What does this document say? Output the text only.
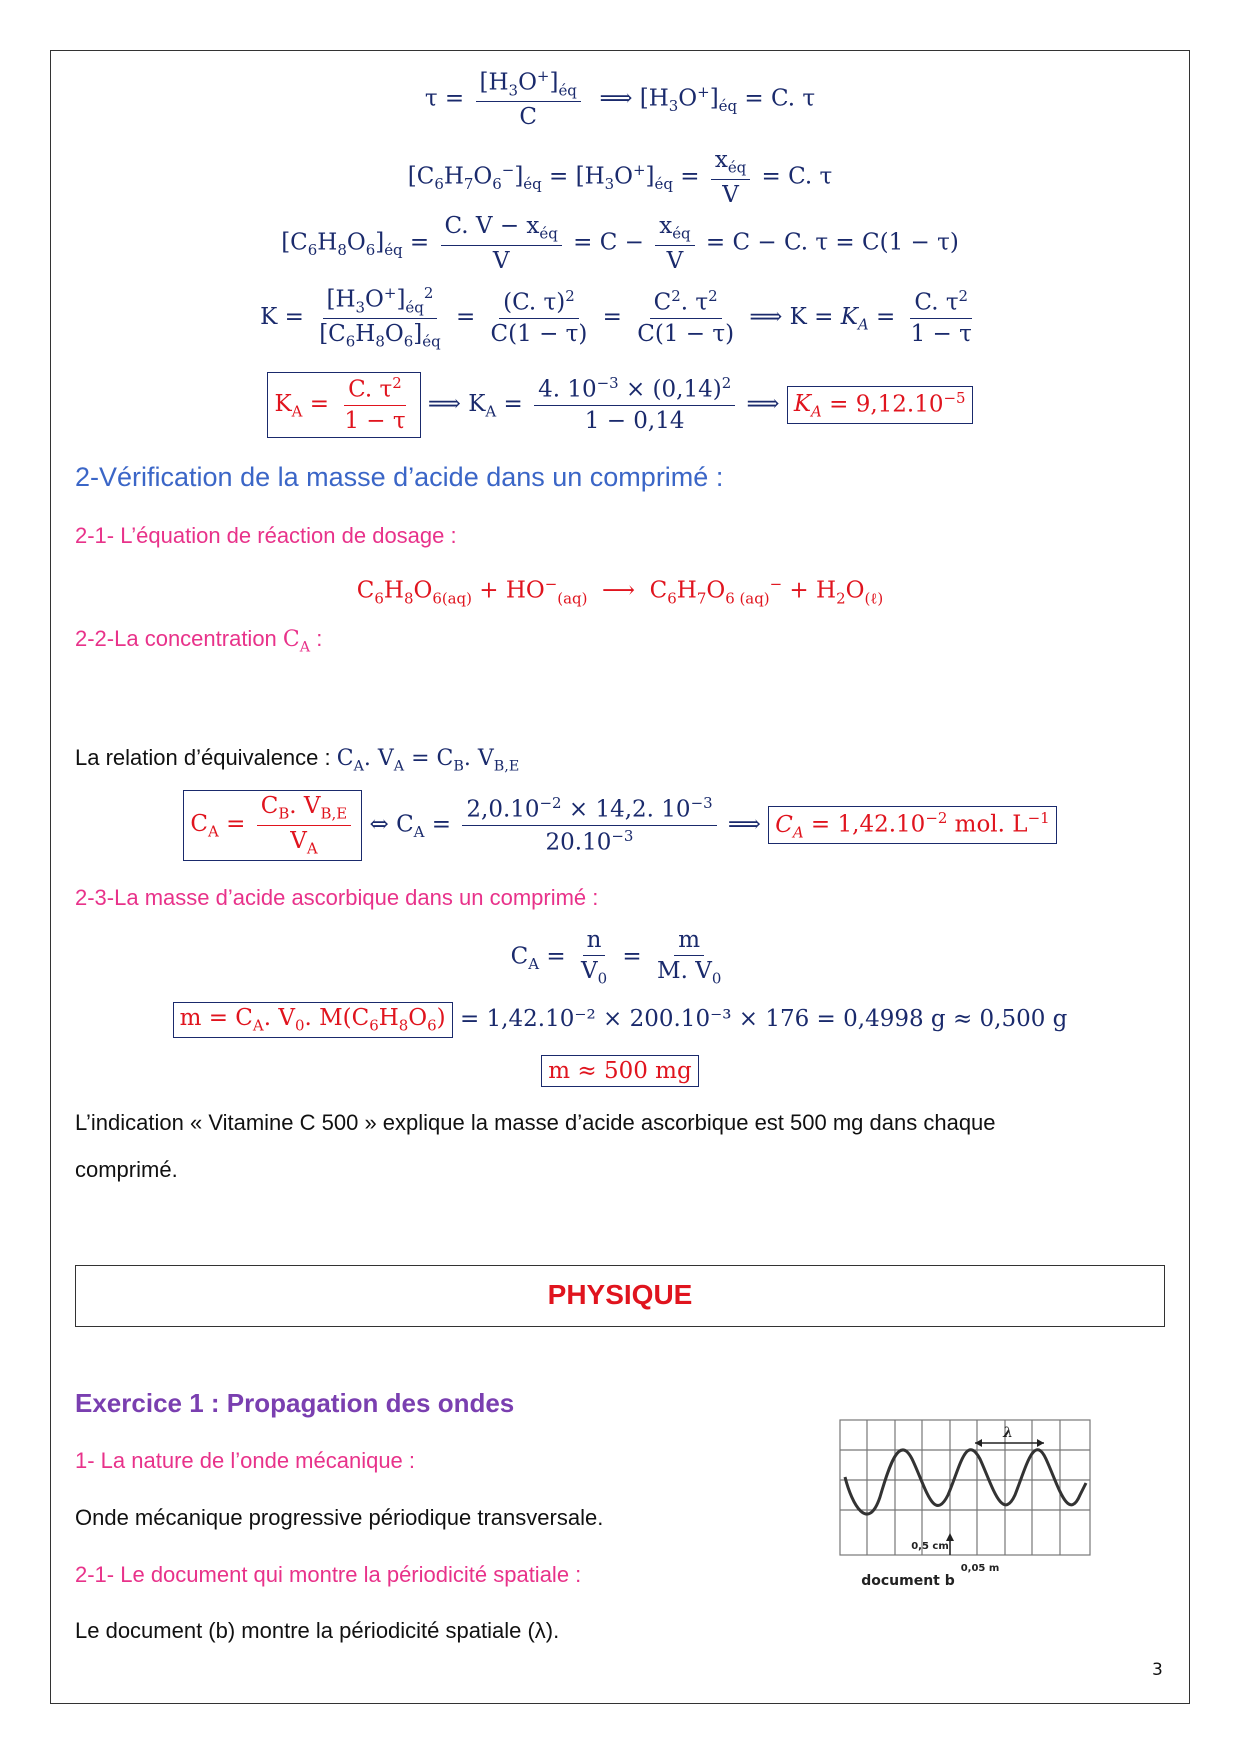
$\tau = \frac{[H_3O^+]_{éq}}{C}$ ⟹ $[H_3O^+]_{éq} = C$. τ
$[C_6H_7O_6^-]_{éq} = [H_3O^+]_{éq} = \frac{x_{éq}}{V} = C$. τ
$[C_6H_8O_6]_{éq} = \frac{C. V - x_{éq}}{V} = C - \frac{x_{éq}}{V} = C - C$. τ = C(1 − τ)
$K = \frac{[H_3O^+]_{éq}^2}{[C_6H_8O_6]_{éq}} = \frac{(C. \tau)^2}{C(1 - \tau)} = \frac{C^2. \tau^2}{C(1 - \tau)}$ ⟹ $K = K_A = \frac{C. \tau^2}{1 - \tau}$
$K_A = \frac{C. \tau^2}{1 - \tau}$ ⟹ $K_A = \frac{4. 10^{-3} \times (0,14)^2}{1 - 0,14}$ ⟹ $K_A = 9,12.10^{-5}$
2-Vérification de la masse d’acide dans un comprimé :
2-1- L’équation de réaction de dosage :
$C_6H_8O_{6(aq)} + HO^-_{(aq)}$  ⟶  $C_6H_7O_{6 (aq)}^- + H_2O_{(\ell)}$
2-2-La concentration $C_A$ :
La relation d’équivalence : $C_A$. $V_A = C_B$. $V_{B,E}$
$C_A = \frac{C_B. V_{B,E}}{V_A}$ ⇔ $C_A = \frac{2,0.10^{-2} \times 14,2. 10^{-3}}{20.10^{-3}}$ ⟹ $C_A = 1,42.10^{-2}$ mol. $L^{-1}$
2-3-La masse d’acide ascorbique dans un comprimé :
$C_A = \frac{n}{V_0} = \frac{m}{M. V_0}$
$m = C_A$. $V_0$. $M(C_6H_8O_6) = 1,42.10^{-2} \times 200.10^{-3} \times 176 = 0,4998$ g ≈ 0,500 g
m ≈ 500 mg
L’indication « Vitamine C 500 » explique la masse d’acide ascorbique est 500 mg dans chaque
comprimé.
PHYSIQUE
Exercice 1 : Propagation des ondes
1- La nature de l’onde mécanique :
Onde mécanique progressive périodique transversale.
2-1- Le document qui montre la périodicité spatiale :
Le document (b) montre la périodicité spatiale (λ).
λ
0,5 cm
0,05 m
document b
3
